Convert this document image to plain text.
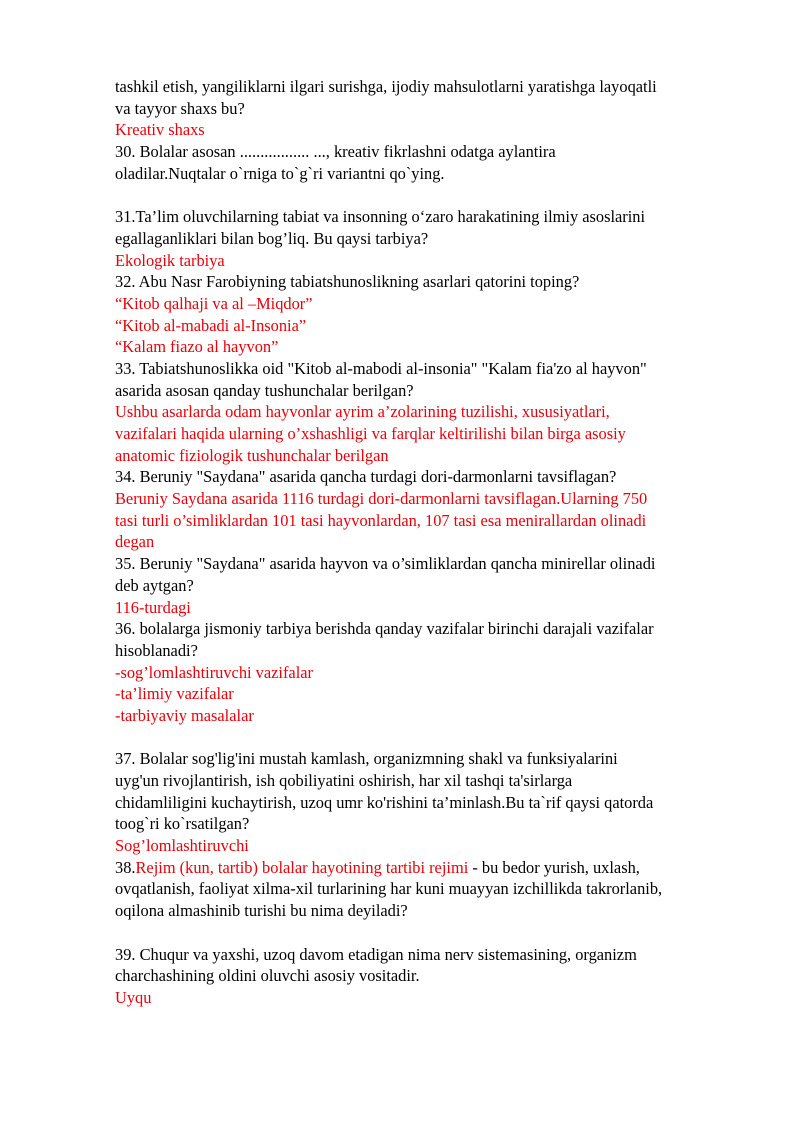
tashkil etish, yangiliklarni ilgari surishga, ijodiy mahsulotlarni yaratishga layoqatli
va tayyor shaxs bu?
Kreativ shaxs
30. Bolalar asosan ................. ..., kreativ fikrlashni odatga aylantira
oladilar.Nuqtalar o`rniga to`g`ri variantni qo`ying.
31.Ta’lim oluvchilarning tabiat va insonning o‘zaro harakatining ilmiy asoslarini
egallaganliklari bilan bog’liq. Bu qaysi tarbiya?
Ekologik tarbiya
32. Abu Nasr Farobiyning tabiatshunoslikning asarlari qatorini toping?
“Kitob qalhaji va al –Miqdor”
“Kitob al-mabadi al-Insonia”
“Kalam fiazo al hayvon”
33. Tabiatshunoslikka oid "Kitob al-mabodi al-insonia" "Kalam fia'zo al hayvon"
asarida asosan qanday tushunchalar berilgan?
Ushbu asarlarda odam hayvonlar ayrim a’zolarining tuzilishi, xususiyatlari,
vazifalari haqida ularning o’xshashligi va farqlar keltirilishi bilan birga asosiy
anatomic fiziologik tushunchalar berilgan
34. Beruniy "Saydana" asarida qancha turdagi dori-darmonlarni tavsiflagan?
Beruniy Saydana asarida 1116 turdagi dori-darmonlarni tavsiflagan.Ularning 750
tasi turli o’simliklardan 101 tasi hayvonlardan, 107 tasi esa menirallardan olinadi
degan
35. Beruniy "Saydana" asarida hayvon va o’simliklardan qancha minirellar olinadi
deb aytgan?
116-turdagi
36. bolalarga jismoniy tarbiya berishda qanday vazifalar birinchi darajali vazifalar
hisoblanadi?
-sog’lomlashtiruvchi vazifalar
-ta’limiy vazifalar
-tarbiyaviy masalalar
37. Bolalar sog'lig'ini mustah kamlash, organizmning shakl va funksiyalarini
uyg'un rivojlantirish, ish qobiliyatini oshirish, har xil tashqi ta'sirlarga
chidamliligini kuchaytirish, uzoq umr ko'rishini ta’minlash.Bu ta`rif qaysi qatorda
toog`ri ko`rsatilgan?
Sog’lomlashtiruvchi
38.Rejim (kun, tartib) bolalar hayotining tartibi rejimi - bu bedor yurish, uxlash,
ovqatlanish, faoliyat xilma-xil turlarining har kuni muayyan izchillikda takrorlanib,
oqilona almashinib turishi bu nima deyiladi?
39. Chuqur va yaxshi, uzoq davom etadigan nima nerv sistemasining, organizm
charchashining oldini oluvchi asosiy vositadir.
Uyqu
